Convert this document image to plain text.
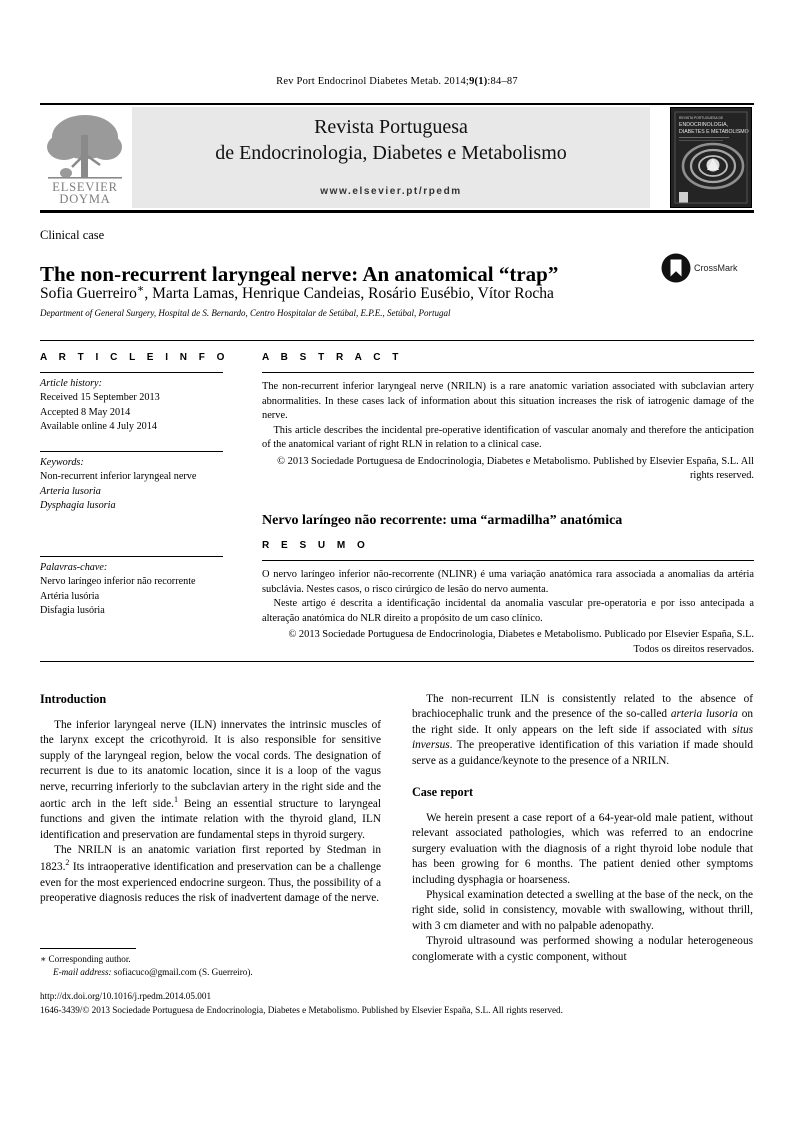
Rev Port Endocrinol Diabetes Metab. 2014;9(1):84–87
ELSEVIER
DOYMA
Revista Portuguesa
de Endocrinologia, Diabetes e Metabolismo
www.elsevier.pt/rpedm
REVISTA PORTUGUESA DE
ENDOCRINOLOGIA,
DIABETES E METABOLISMO
Clinical case
The non-recurrent laryngeal nerve: An anatomical “trap”
Sofia Guerreiro∗, Marta Lamas, Henrique Candeias, Rosário Eusébio, Vítor Rocha
Department of General Surgery, Hospital de S. Bernardo, Centro Hospitalar de Setúbal, E.P.E., Setúbal, Portugal
CrossMark
A R T I C L E I N F O
Article history:
Received 15 September 2013
Accepted 8 May 2014
Available online 4 July 2014
Keywords:
Non-recurrent inferior laryngeal nerve
Arteria lusoria
Dysphagia lusoria
Palavras-chave:
Nervo laríngeo inferior não recorrente
Artéria lusória
Disfagia lusória
A B S T R A C T

The non-recurrent inferior laryngeal nerve (NRILN) is a rare anatomic variation associated with subclavian artery abnormalities. In these cases lack of information about this situation increases the risk of iatrogenic damage of the nerve.

This article describes the incidental pre-operative identification of vascular anomaly and therefore the anticipation of the anatomical variant of right RLN in relation to a clinical case.

© 2013 Sociedade Portuguesa de Endocrinologia, Diabetes e Metabolismo. Published by Elsevier España, S.L. All rights reserved.
Nervo laríngeo não recorrente: uma “armadilha” anatómica
R E S U M O

O nervo laríngeo inferior não-recorrente (NLINR) é uma variação anatómica rara associada a anomalias da artéria subclávia. Nestes casos, o risco cirúrgico de lesão do nervo aumenta.

Neste artigo é descrita a identificação incidental da anomalia vascular pre-operatoria e por isso antecipada a alteração anatómica do NLR direito a propósito de um caso clínico.

© 2013 Sociedade Portuguesa de Endocrinologia, Diabetes e Metabolismo. Publicado por Elsevier España, S.L. Todos os direitos reservados.
Introduction

The inferior laryngeal nerve (ILN) innervates the intrinsic muscles of the larynx except the cricothyroid. It is also responsible for sensitive supply of the laryngeal region, below the vocal cords. The designation of recurrent is due to its anatomic location, since it is a loop of the vagus nerve, recurring inferiorly to the subclavian artery in the right side and the aortic arch in the left side.$^1$ Being an essential structure to laryngeal functions and given the intimate relation with the thyroid gland, ILN identification and preservation are fundamental steps in thyroid surgery.

The NRILN is an anatomic variation first reported by Stedman in 1823.$^2$ Its intraoperative identification and preservation can be a challenge even for the most experienced endocrine surgeon. Thus, the possibility of a preoperative diagnosis reduces the risk of inadvertent damage of the nerve.

The non-recurrent ILN is consistently related to the absence of brachiocephalic trunk and the presence of the so-called arteria lusoria on the right side. It only appears on the left side if associated with situs inversus. The preoperative identification of this variation if made should serve as a guidance/keynote to the presence of a NRILN.

Case report

We herein present a case report of a 64-year-old male patient, without relevant associated pathologies, which was referred to an endocrine surgery evaluation with the diagnosis of a right thyroid lobe nodule that has been growing for 6 months. The patient denied other symptoms including dysphagia or hoarseness.

Physical examination detected a swelling at the base of the neck, on the right side, solid in consistency, movable with swallowing, without thrill, with 3 cm diameter and with no palpable adenopathy.

Thyroid ultrasound was performed showing a nodular heterogeneous conglomerate with a cystic component, without

∗ Corresponding author.
E-mail address: sofiacuco@gmail.com (S. Guerreiro).
http://dx.doi.org/10.1016/j.rpedm.2014.05.001
1646-3439/© 2013 Sociedade Portuguesa de Endocrinologia, Diabetes e Metabolismo. Published by Elsevier España, S.L. All rights reserved.
